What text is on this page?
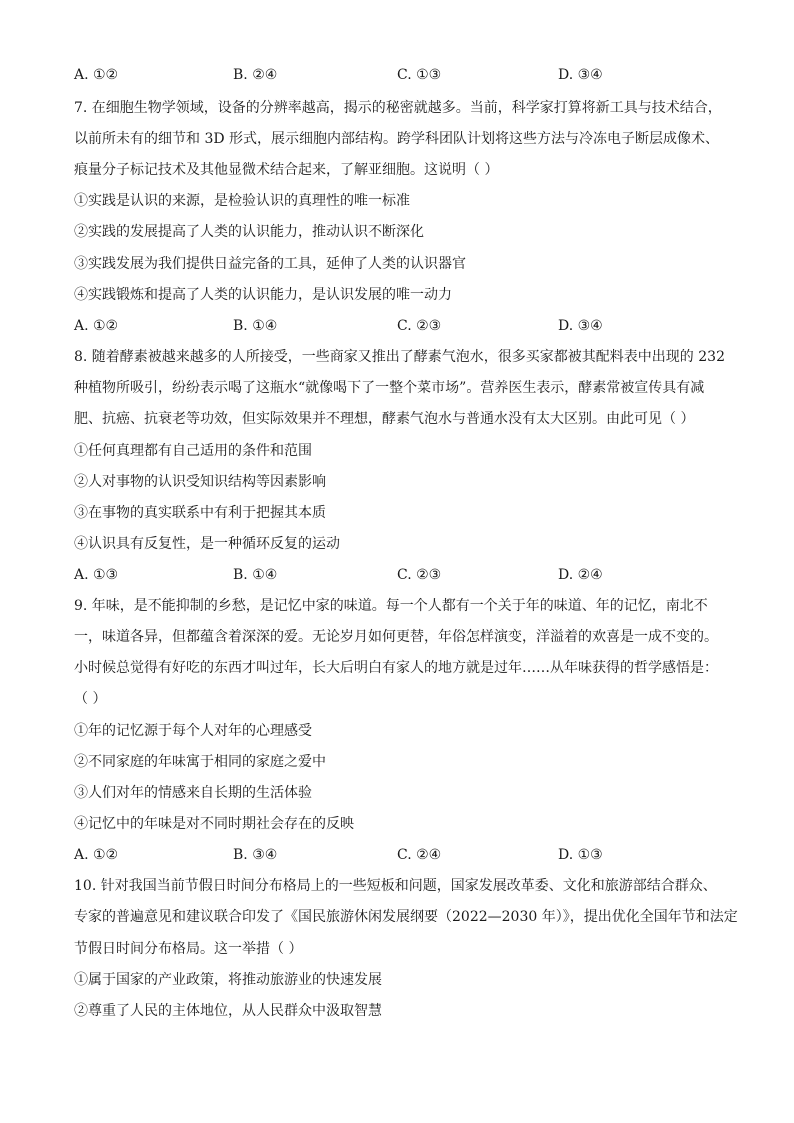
A. ①②	B. ②④	C. ①③	D. ③④
7. 在细胞生物学领域，设备的分辨率越高，揭示的秘密就越多。当前，科学家打算将新工具与技术结合，
以前所未有的细节和 3D 形式，展示细胞内部结构。跨学科团队计划将这些方法与冷冻电子断层成像术、
痕量分子标记技术及其他显微术结合起来，了解亚细胞。这说明（ ）
①实践是认识的来源，是检验认识的真理性的唯一标准
②实践的发展提高了人类的认识能力，推动认识不断深化
③实践发展为我们提供日益完备的工具，延伸了人类的认识器官
④实践锻炼和提高了人类的认识能力，是认识发展的唯一动力
A. ①②	B. ①④	C. ②③	D. ③④
8. 随着酵素被越来越多的人所接受，一些商家又推出了酵素气泡水，很多买家都被其配料表中出现的 232
种植物所吸引，纷纷表示喝了这瓶水“就像喝下了一整个菜市场”。营养医生表示，酵素常被宣传具有减
肥、抗癌、抗衰老等功效，但实际效果并不理想，酵素气泡水与普通水没有太大区别。由此可见（ ）
①任何真理都有自己适用的条件和范围
②人对事物的认识受知识结构等因素影响
③在事物的真实联系中有利于把握其本质
④认识具有反复性，是一种循环反复的运动
A. ①③	B. ①④	C. ②③	D. ②④
9. 年味，是不能抑制的乡愁，是记忆中家的味道。每一个人都有一个关于年的味道、年的记忆，南北不
一，味道各异，但都蕴含着深深的爱。无论岁月如何更替，年俗怎样演变，洋溢着的欢喜是一成不变的。
小时候总觉得有好吃的东西才叫过年，长大后明白有家人的地方就是过年……从年味获得的哲学感悟是：
（ ）
①年的记忆源于每个人对年的心理感受
②不同家庭的年味寓于相同的家庭之爱中
③人们对年的情感来自长期的生活体验
④记忆中的年味是对不同时期社会存在的反映
A. ①②	B. ③④	C. ②④	D. ①③
10. 针对我国当前节假日时间分布格局上的一些短板和问题，国家发展改革委、文化和旅游部结合群众、
专家的普遍意见和建议联合印发了《国民旅游休闲发展纲要（2022—2030 年）》，提出优化全国年节和法定
节假日时间分布格局。这一举措（ ）
①属于国家的产业政策，将推动旅游业的快速发展
②尊重了人民的主体地位，从人民群众中汲取智慧
